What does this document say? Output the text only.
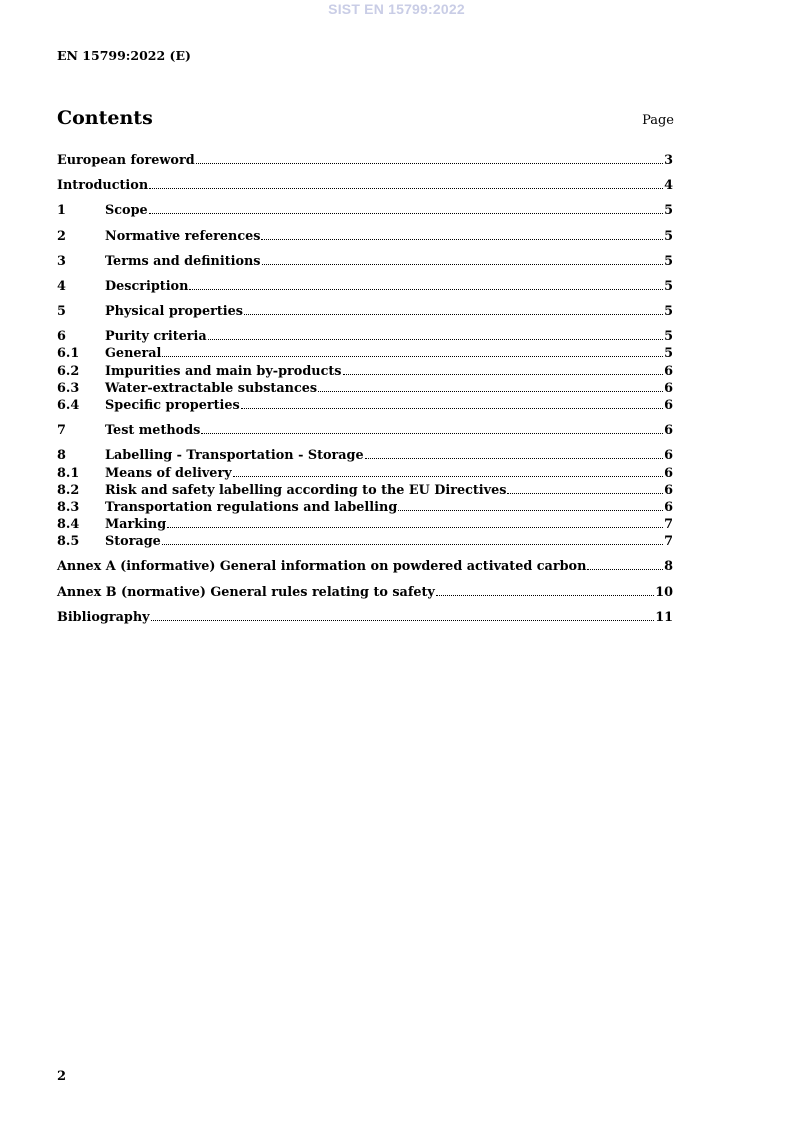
SIST EN 15799:2022
EN 15799:2022 (E)
Contents	Page
European foreword	3
Introduction	4
1	Scope	5
2	Normative references	5
3	Terms and definitions	5
4	Description	5
5	Physical properties	5
6	Purity criteria	5
6.1	General	5
6.2	Impurities and main by-products	6
6.3	Water-extractable substances	6
6.4	Specific properties	6
7	Test methods	6
8	Labelling - Transportation - Storage	6
8.1	Means of delivery	6
8.2	Risk and safety labelling according to the EU Directives	6
8.3	Transportation regulations and labelling	6
8.4	Marking	7
8.5	Storage	7
Annex A (informative) General information on powdered activated carbon	8
Annex B (normative) General rules relating to safety	10
Bibliography	11
2
